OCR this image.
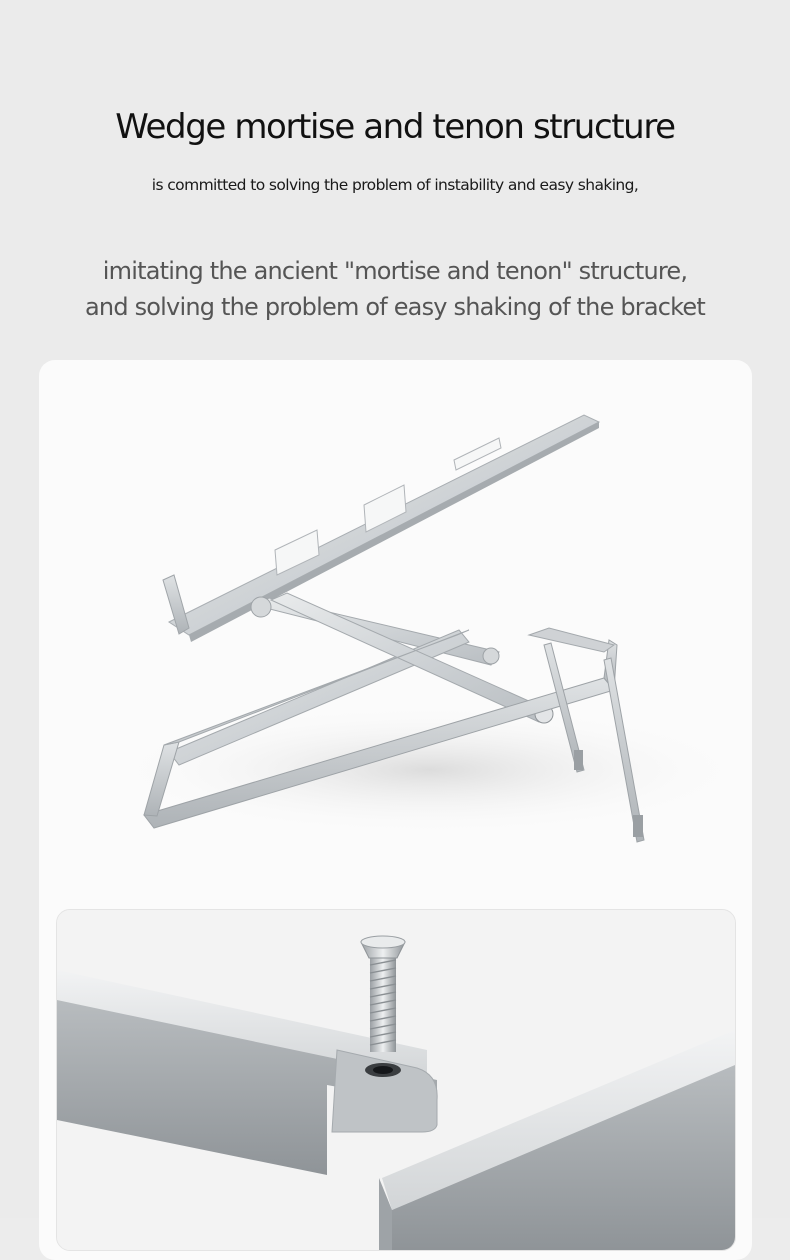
Wedge mortise and tenon structure
is committed to solving the problem of instability and easy shaking,
imitating the ancient "mortise and tenon" structure,
and solving the problem of easy shaking of the bracket
